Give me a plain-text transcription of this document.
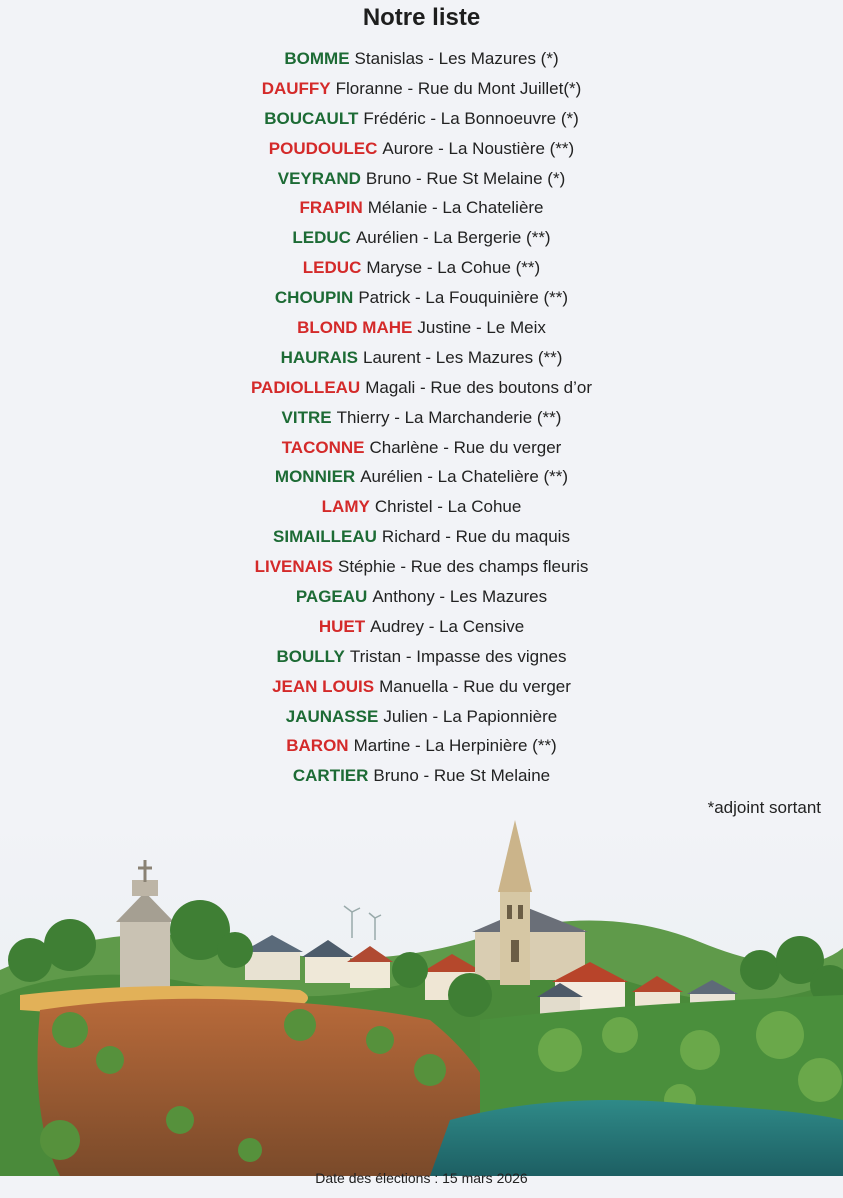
Notre liste
BOMME Stanislas - Les Mazures (*)
DAUFFY Floranne - Rue du Mont Juillet(*)
BOUCAULT Frédéric - La Bonnoeuvre (*)
POUDOULEC Aurore - La Noustière (**)
VEYRAND Bruno - Rue St Melaine (*)
FRAPIN Mélanie - La Chatelière
LEDUC Aurélien - La Bergerie (**)
LEDUC Maryse - La Cohue (**)
CHOUPIN Patrick - La Fouquinière (**)
BLOND MAHE Justine - Le Meix
HAURAIS Laurent - Les Mazures (**)
PADIOLLEAU Magali - Rue des boutons d’or
VITRE Thierry - La Marchanderie (**)
TACONNE Charlène - Rue du verger
MONNIER Aurélien - La Chatelière (**)
LAMY Christel - La Cohue
SIMAILLEAU Richard - Rue du maquis
LIVENAIS Stéphie - Rue des champs fleuris
PAGEAU Anthony - Les Mazures
HUET Audrey - La Censive
BOULLY Tristan - Impasse des vignes
JEAN LOUIS Manuella - Rue du verger
JAUNASSE Julien - La Papionnière
BARON Martine - La Herpinière (**)
CARTIER Bruno - Rue St Melaine
*adjoint sortant
Date des élections : 15 mars 2026
